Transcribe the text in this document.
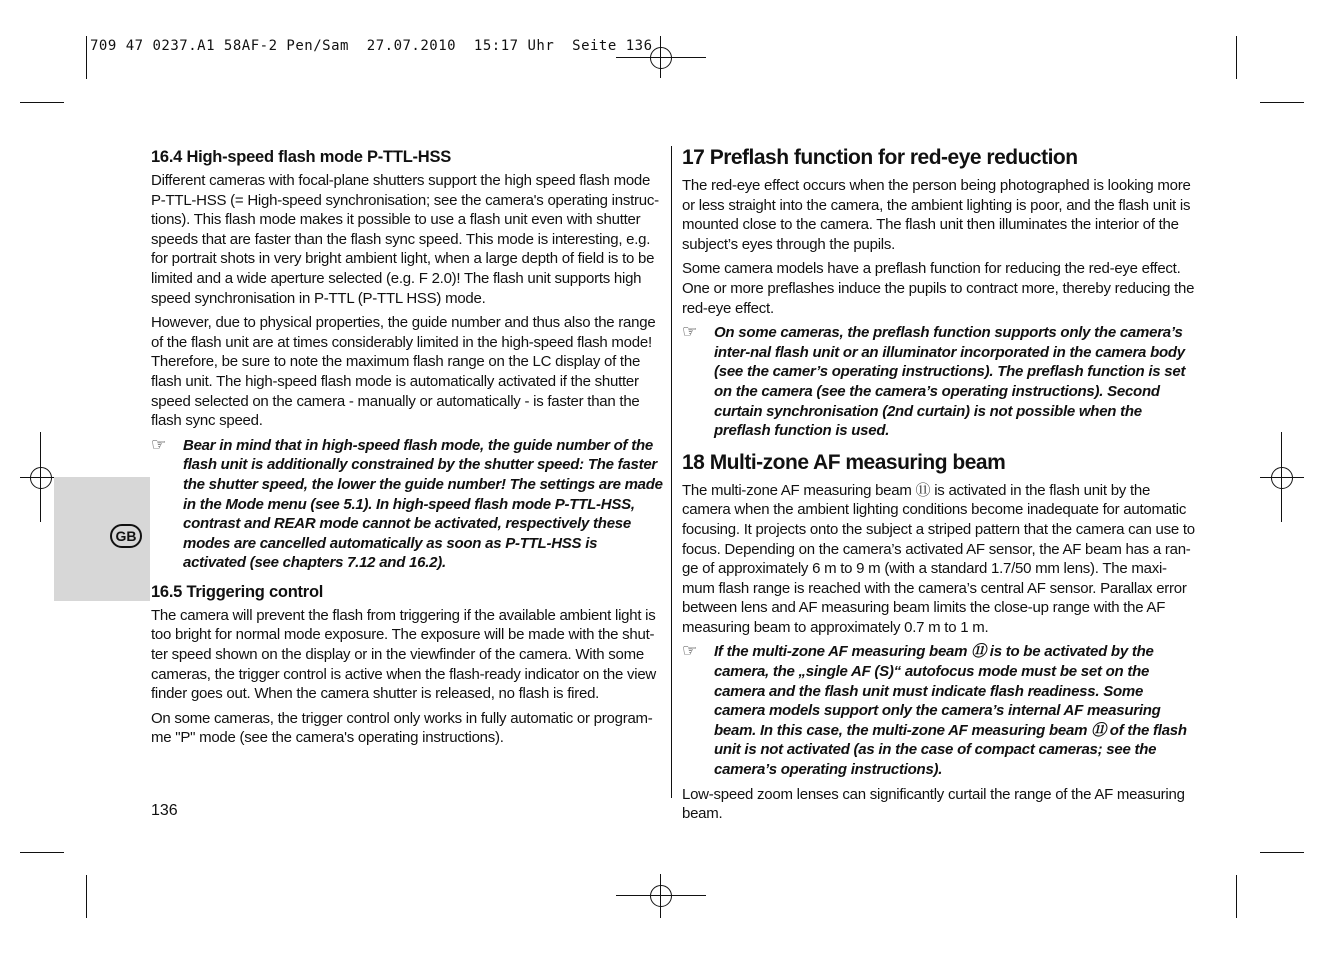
709 47 0237.A1 58AF-2 Pen/Sam  27.07.2010  15:17 Uhr  Seite 136
GB
16.4 High-speed flash mode P-TTL-HSS

Different cameras with focal-plane shutters support the high speed flash mode P-TTL-HSS (= High-speed synchronisation; see the camera's operating instruc-tions). This flash mode makes it possible to use a flash unit even with shutter speeds that are faster than the flash sync speed. This mode is interesting, e.g. for portrait shots in very bright ambient light, when a large depth of field is to be limited and a wide aperture selected (e.g. F 2.0)! The flash unit supports high speed synchronisation in P-TTL (P-TTL HSS) mode.

However, due to physical properties, the guide number and thus also the range of the flash unit are at times considerably limited in the high-speed flash mode! Therefore, be sure to note the maximum flash range on the LC display of the flash unit. The high-speed flash mode is automatically activated if the shutter speed selected on the camera - manually or automatically - is faster than the flash sync speed.

☞ Bear in mind that in high-speed flash mode, the guide number of the flash unit is additionally constrained by the shutter speed: The faster the shutter speed, the lower the guide number! The settings are made in the Mode menu (see 5.1). In high-speed flash mode P-TTL-HSS, contrast and REAR mode cannot be activated, respectively these modes are cancelled automatically as soon as P-TTL-HSS is activated (see chapters 7.12 and 16.2).
16.5 Triggering control

The camera will prevent the flash from triggering if the available ambient light is too bright for normal mode exposure. The exposure will be made with the shut-ter speed shown on the display or in the viewfinder of the camera. With some cameras, the trigger control is active when the flash-ready indicator on the view finder goes out. When the camera shutter is released, no flash is fired.

On some cameras, the trigger control only works in fully automatic or program-me "P" mode (see the camera's operating instructions).

17 Preflash function for red-eye reduction

The red-eye effect occurs when the person being photographed is looking more or less straight into the camera, the ambient lighting is poor, and the flash unit is mounted close to the camera. The flash unit then illuminates the interior of the subject’s eyes through the pupils.

Some camera models have a preflash function for reducing the red-eye effect. One or more preflashes induce the pupils to contract more, thereby reducing the red-eye effect.

☞ On some cameras, the preflash function supports only the camera’s inter-nal flash unit or an illuminator incorporated in the camera body (see the camer’s operating instructions). The preflash function is set on the camera (see the camera’s operating instructions). Second curtain synchronisation (2nd curtain) is not possible when the preflash function is used.
18 Multi-zone AF measuring beam

The multi-zone AF measuring beam ⑪ is activated in the flash unit by the camera when the ambient lighting conditions become inadequate for automatic focusing. It projects onto the subject a striped pattern that the camera can use to focus. Depending on the camera’s activated AF sensor, the AF beam has a ran-ge of approximately 6 m to 9 m (with a standard 1.7/50 mm lens). The maxi-mum flash range is reached with the camera’s central AF sensor. Parallax error between lens and AF measuring beam limits the close-up range with the AF measuring beam to approximately 0.7 m to 1 m.

☞ If the multi-zone AF measuring beam ⑪ is to be activated by the camera, the „single AF (S)“ autofocus mode must be set on the camera and the flash unit must indicate flash readiness. Some camera models support only the camera’s internal AF measuring beam. In this case, the multi-zone AF measuring beam ⑪ of the flash unit is not activated (as in the case of compact cameras; see the camera’s operating instructions).

Low-speed zoom lenses can significantly curtail the range of the AF measuring beam.

136
